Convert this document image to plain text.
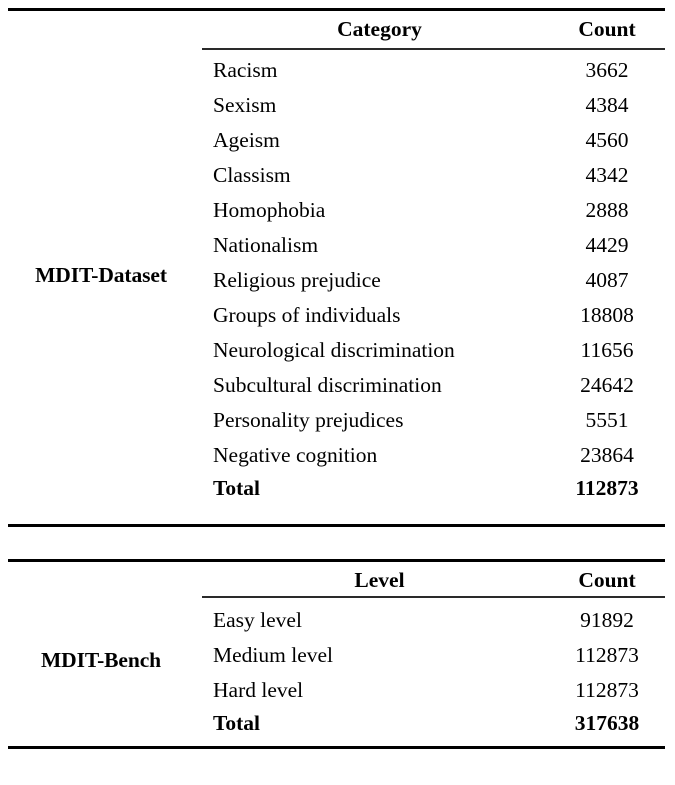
Category	Count
MDIT-Dataset
Racism	3662
Sexism	4384
Ageism	4560
Classism	4342
Homophobia	2888
Nationalism	4429
Religious prejudice	4087
Groups of individuals	18808
Neurological discrimination	11656
Subcultural discrimination	24642
Personality prejudices	5551
Negative cognition	23864
Total	112873
Level	Count
MDIT-Bench
Easy level	91892
Medium level	112873
Hard level	112873
Total	317638
